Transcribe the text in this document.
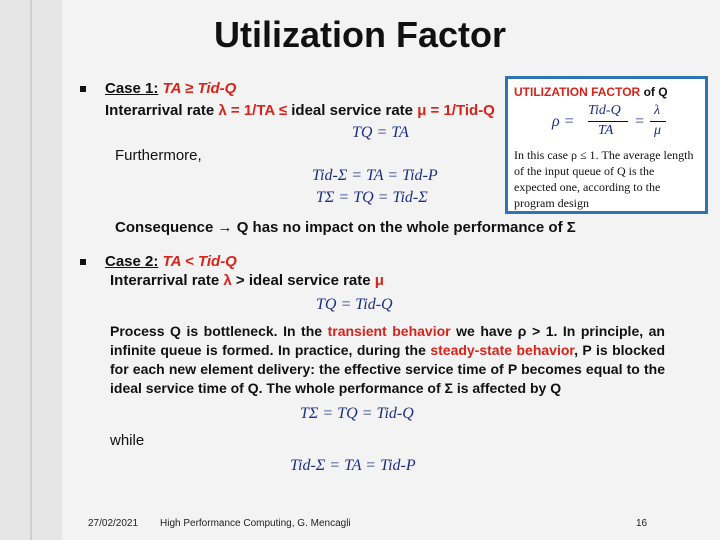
Utilization Factor
Case 1: TA ≥ Tid-Q
Interarrival rate λ = 1/TA ≤ ideal service rate μ = 1/Tid-Q
TQ = TA
Furthermore,
Tid-Σ = TA = Tid-P
TΣ = TQ = Tid-Σ
Consequence → Q has no impact on the whole performance of Σ
Case 2: TA < Tid-Q
Interarrival rate λ > ideal service rate μ
TQ = Tid-Q
Process Q is bottleneck. In the transient behavior we have ρ > 1. In principle, an infinite queue is formed. In practice, during the steady-state behavior, P is blocked for each new element delivery: the effective service time of P becomes equal to the ideal service time of Q. The whole performance of Σ is affected by Q
TΣ = TQ = Tid-Q
while
Tid-Σ = TA = Tid-P
UTILIZATION FACTOR of Q
ρ =
Tid-Q
TA
=
λ
μ
In this case ρ ≤ 1. The average length of the input queue of Q is the expected one, according to the program design
27/02/2021 High Performance Computing, G. Mencagli	16
